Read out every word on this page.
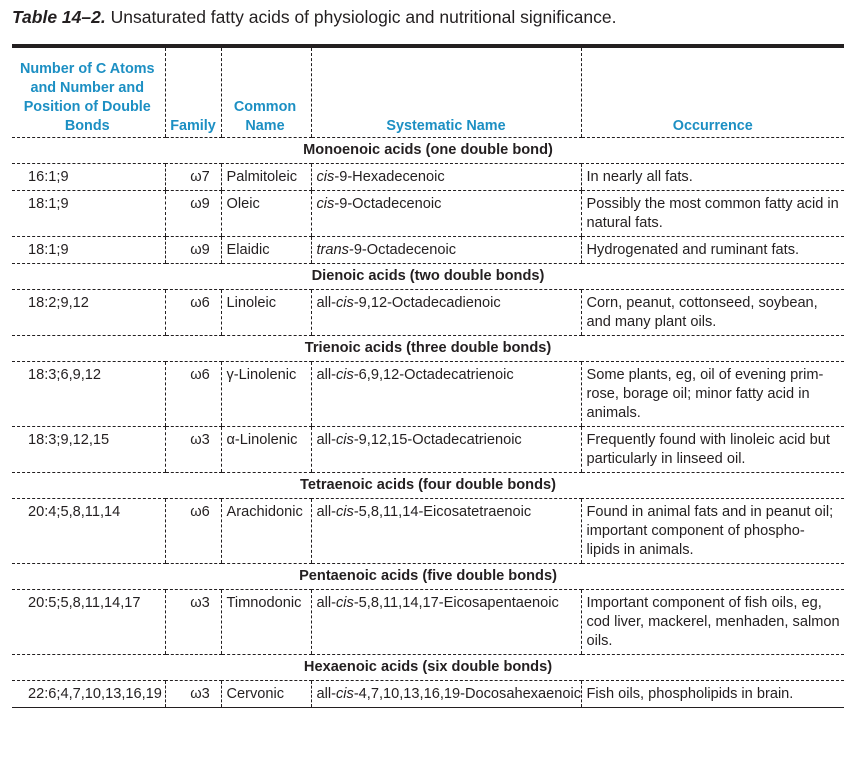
Table 14–2. Unsaturated fatty acids of physiologic and nutritional significance.
Number of C Atoms and Number and Position of Double Bonds	Family	Common Name	Systematic Name	Occurrence
Monoenoic acids (one double bond)				
16:1;9	ω7	Palmitoleic	cis-9-Hexadecenoic	In nearly all fats.
18:1;9	ω9	Oleic	cis-9-Octadecenoic	Possibly the most common fatty acid in natural fats.
18:1;9	ω9	Elaidic	trans-9-Octadecenoic	Hydrogenated and ruminant fats.
Dienoic acids (two double bonds)				
18:2;9,12	ω6	Linoleic	all-cis-9,12-Octadecadienoic	Corn, peanut, cottonseed, soybean, and many plant oils.
Trienoic acids (three double bonds)				
18:3;6,9,12	ω6	γ-Linolenic	all-cis-6,9,12-Octadecatrienoic	Some plants, eg, oil of evening prim- rose, borage oil; minor fatty acid in animals.
18:3;9,12,15	ω3	α-Linolenic	all-cis-9,12,15-Octadecatrienoic	Frequently found with linoleic acid but particularly in linseed oil.
Tetraenoic acids (four double bonds)				
20:4;5,8,11,14	ω6	Arachidonic	all-cis-5,8,11,14-Eicosatetraenoic	Found in animal fats and in peanut oil; important component of phospho- lipids in animals.
Pentaenoic acids (five double bonds)				
20:5;5,8,11,14,17	ω3	Timnodonic	all-cis-5,8,11,14,17-Eicosapentaenoic	Important component of fish oils, eg, cod liver, mackerel, menhaden, salmon oils.
Hexaenoic acids (six double bonds)				
22:6;4,7,10,13,16,19	ω3	Cervonic	all-cis-4,7,10,13,16,19-Docosahexaenoic	Fish oils, phospholipids in brain.
